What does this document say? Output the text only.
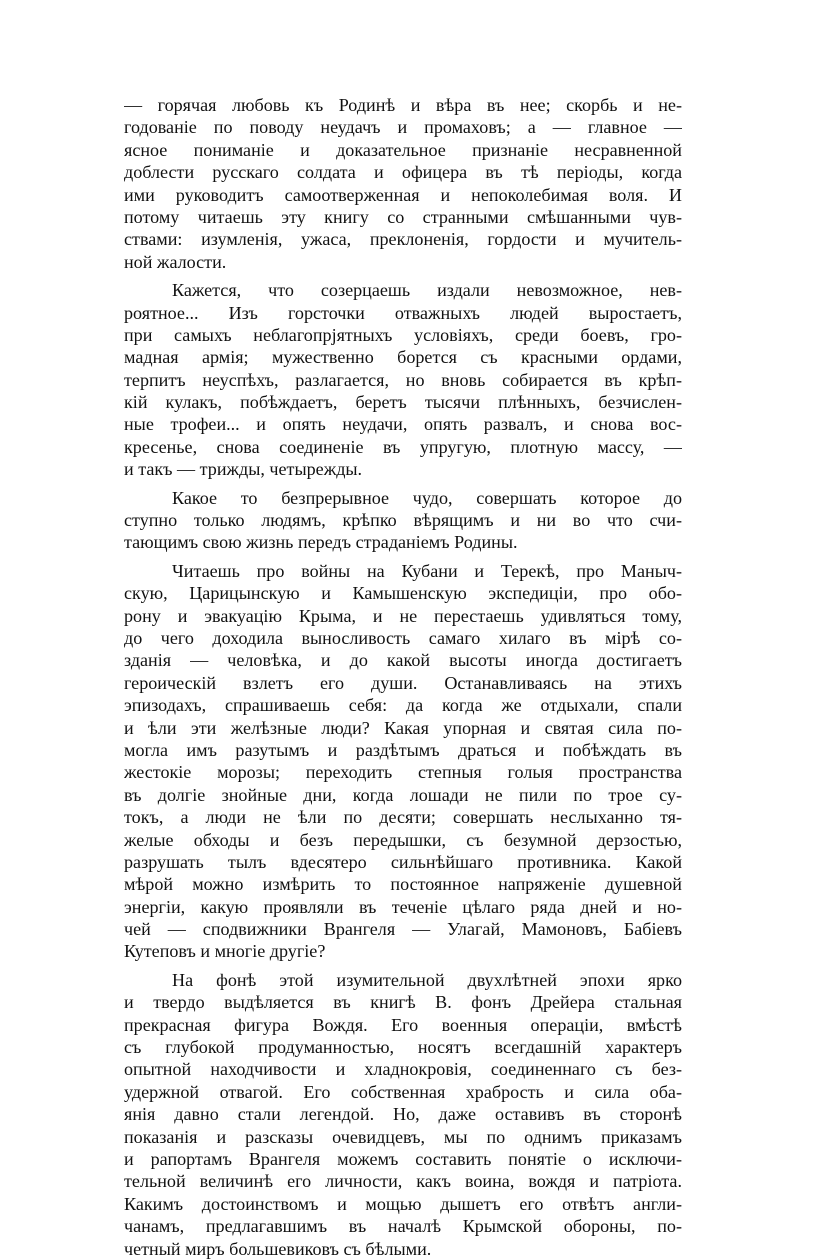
— горячая любовь къ Родинѣ и вѣра въ нее; скорбь и не-
годованіе по поводу неудачъ и промаховъ; а — главное —
ясное пониманіе и доказательное признаніе несравненной
доблести русскаго солдата и офицера въ тѣ періоды, когда
ими руководитъ самоотверженная и непоколебимая воля. И
потому читаешь эту книгу со странными смѣшанными чув-
ствами: изумленія, ужаса, преклоненія, гордости и мучитель-
ной жалости.
Кажется, что созерцаешь издали невозможное, нев-
роятное... Изъ горсточки отважныхъ людей выростаетъ,
при самыхъ неблагопрjятныхъ условіяхъ, среди боевъ, гро-
мадная армія; мужественно борется съ красными ордами,
терпитъ неуспѣхъ, разлагается, но вновь собирается въ крѣп-
кій кулакъ, побѣждаетъ, беретъ тысячи плѣнныхъ, безчислен-
ные трофеи... и опять неудачи, опять развалъ, и снова вос-
кресенье, снова соединеніе въ упругую, плотную массу, —
и такъ — трижды, четырежды.
Какое то безпрерывное чудо, совершать которое до
ступно только людямъ, крѣпко вѣрящимъ и ни во что счи-
тающимъ свою жизнь передъ страданіемъ Родины.
Читаешь про войны на Кубани и Терекѣ, про Маныч-
скую, Царицынскую и Камышенскую экспедиціи, про обо-
рону и эвакуацію Крыма, и не перестаешь удивляться тому,
до чего доходила выносливость самаго хилаго въ мірѣ со-
зданія — человѣка, и до какой высоты иногда достигаетъ
героическій взлетъ его души. Останавливаясь на этихъ
эпизодахъ, спрашиваешь себя: да когда же отдыхали, спали
и ѣли эти желѣзные люди? Какая упорная и святая сила по-
могла имъ разутымъ и раздѣтымъ драться и побѣждать въ
жестокіе морозы; переходить степныя голыя пространства
въ долгіе знойные дни, когда лошади не пили по трое су-
токъ, а люди не ѣли по десяти; совершать неслыханно тя-
желые обходы и безъ передышки, съ безумной дерзостью,
разрушать тылъ вдесятеро сильнѣйшаго противника. Какой
мѣрой можно измѣрить то постоянное напряженіе душевной
энергіи, какую проявляли въ теченіе цѣлаго ряда дней и но-
чей — сподвижники Врангеля — Улагай, Мамоновъ, Бабіевъ
Кутеповъ и многіе другіе?
На фонѣ этой изумительной двухлѣтней эпохи ярко
и твердо выдѣляется въ книгѣ В. фонъ Дрейера стальная
прекрасная фигура Вождя. Его военныя операціи, вмѣстѣ
съ глубокой продуманностью, носятъ всегдашній характеръ
опытной находчивости и хладнокровія, соединеннаго съ без-
удержной отвагой. Его собственная храбрость и сила оба-
янія давно стали легендой. Но, даже оставивъ въ сторонѣ
показанія и разсказы очевидцевъ, мы по однимъ приказамъ
и рапортамъ Врангеля можемъ составить понятіе о исключи-
тельной величинѣ его личности, какъ воина, вождя и патріота.
Какимъ достоинствомъ и мощью дышетъ его отвѣтъ англи-
чанамъ, предлагавшимъ въ началѣ Крымской обороны, по-
четный миръ большевиковъ съ бѣлыми.
